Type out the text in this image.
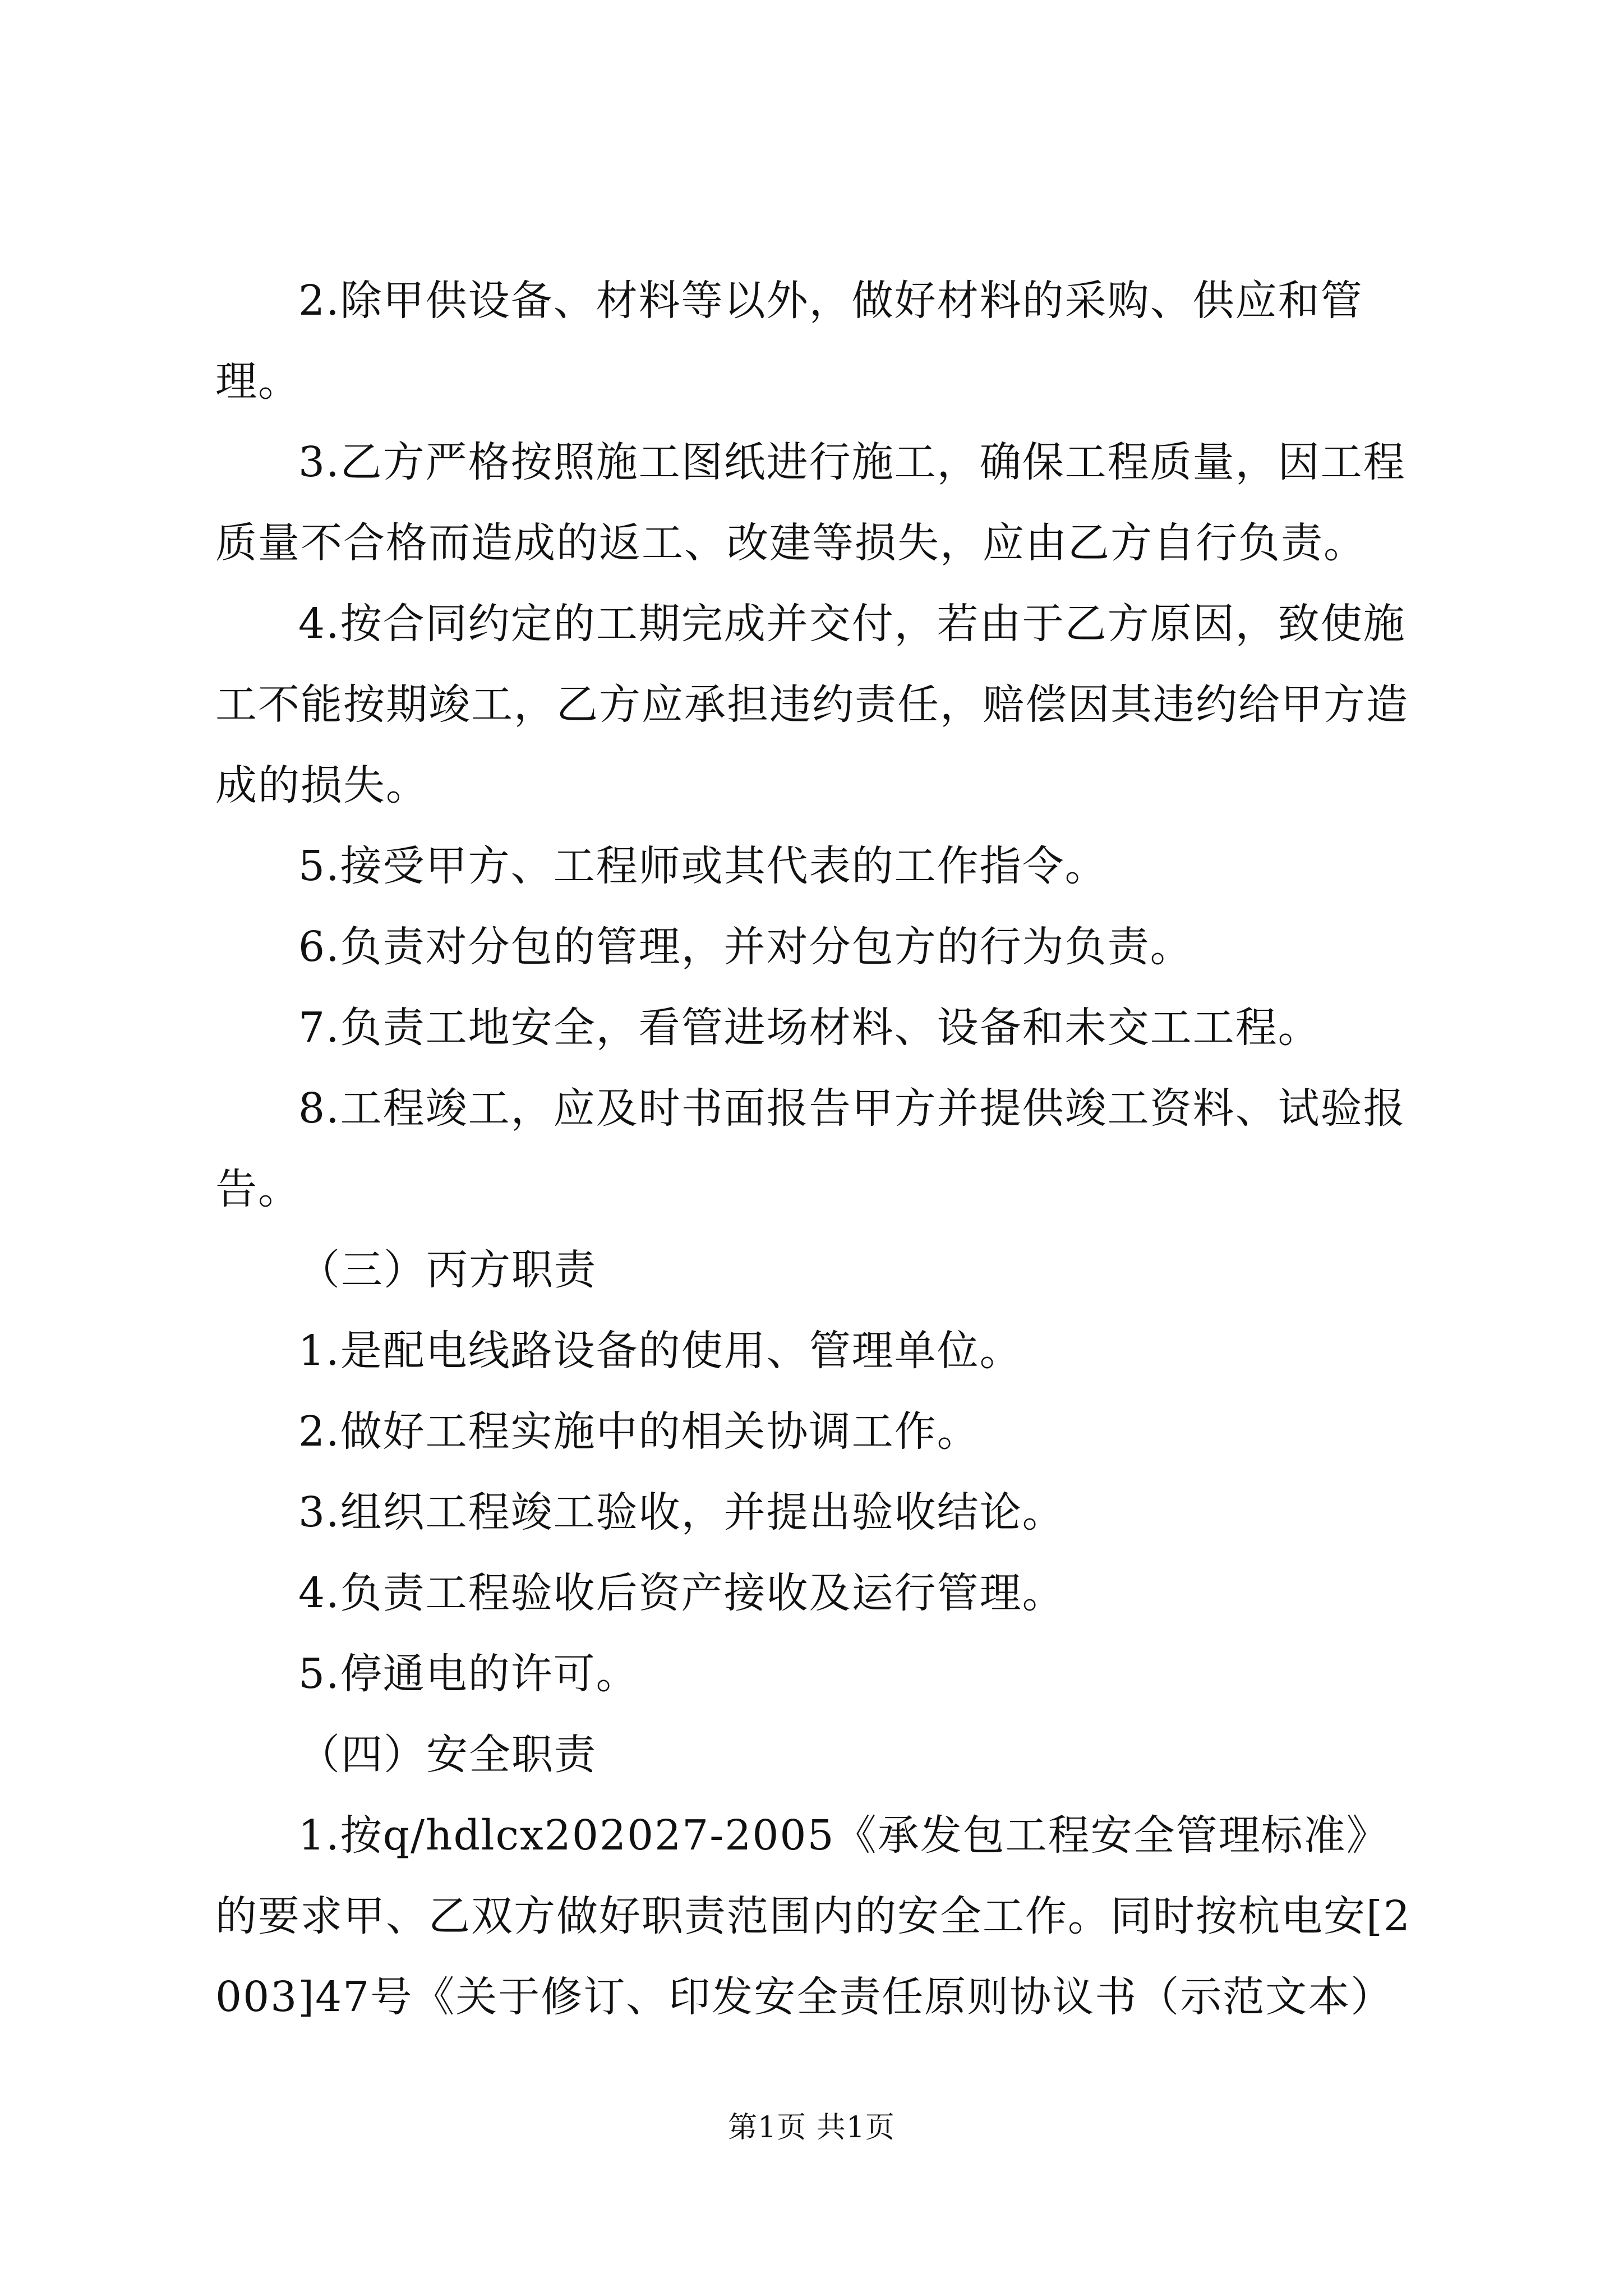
2.除甲供设备、材料等以外，做好材料的采购、供应和管理。

3.乙方严格按照施工图纸进行施工，确保工程质量，因工程质量不合格而造成的返工、改建等损失，应由乙方自行负责。

4.按合同约定的工期完成并交付，若由于乙方原因，致使施工不能按期竣工，乙方应承担违约责任，赔偿因其违约给甲方造成的损失。

5.接受甲方、工程师或其代表的工作指令。

6.负责对分包的管理，并对分包方的行为负责。

7.负责工地安全，看管进场材料、设备和未交工工程。

8.工程竣工，应及时书面报告甲方并提供竣工资料、试验报告。

（三）丙方职责

1.是配电线路设备的使用、管理单位。

2.做好工程实施中的相关协调工作。

3.组织工程竣工验收，并提出验收结论。

4.负责工程验收后资产接收及运行管理。

5.停通电的许可。

（四）安全职责

1.按q/hdlcx202027-2005《承发包工程安全管理标准》的要求甲、乙双方做好职责范围内的安全工作。同时按杭电安[2003]47号《关于修订、印发安全责任原则协议书（示范文本）

第1页 共1页
